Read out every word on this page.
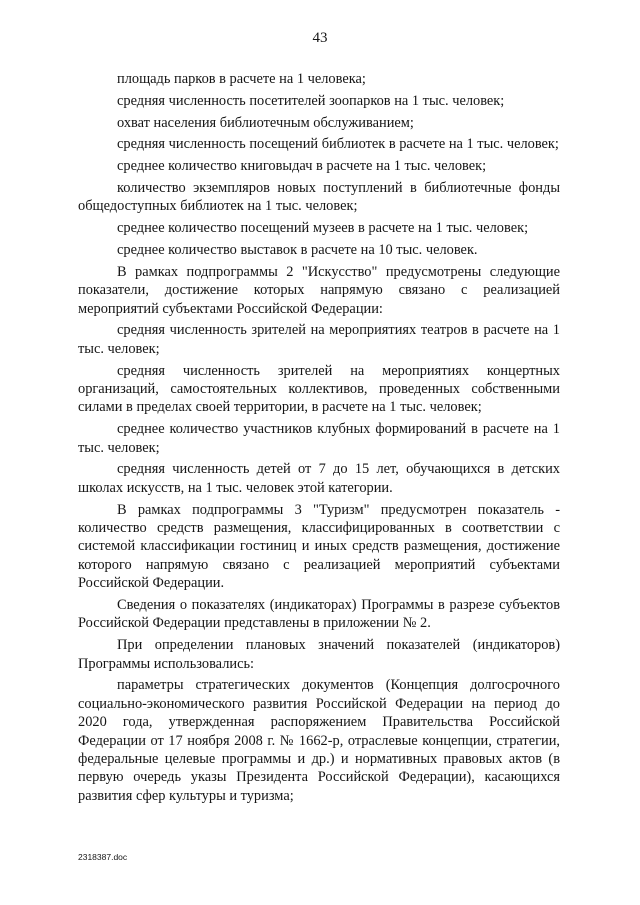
43

площадь парков в расчете на 1 человека;

средняя численность посетителей зоопарков на 1 тыс. человек;

охват населения библиотечным обслуживанием;

средняя численность посещений библиотек в расчете на 1 тыс. человек;

среднее количество книговыдач в расчете на 1 тыс. человек;

количество экземпляров новых поступлений в библиотечные фонды общедоступных библиотек на 1 тыс. человек;

среднее количество посещений музеев в расчете на 1 тыс. человек;

среднее количество выставок в расчете на 10 тыс. человек.

В рамках подпрограммы 2 "Искусство" предусмотрены следующие показатели, достижение которых напрямую связано с реализацией мероприятий субъектами Российской Федерации:

средняя численность зрителей на мероприятиях театров в расчете на 1 тыс. человек;

средняя численность зрителей на мероприятиях концертных организаций, самостоятельных коллективов, проведенных собственными силами в пределах своей территории, в расчете на 1 тыс. человек;

среднее количество участников клубных формирований в расчете на 1 тыс. человек;

средняя численность детей от 7 до 15 лет, обучающихся в детских школах искусств, на 1 тыс. человек этой категории.

В рамках подпрограммы 3 "Туризм" предусмотрен показатель - количество средств размещения, классифицированных в соответствии с системой классификации гостиниц и иных средств размещения, достижение которого напрямую связано с реализацией мероприятий субъектами Российской Федерации.

Сведения о показателях (индикаторах) Программы в разрезе субъектов Российской Федерации представлены в приложении № 2.

При определении плановых значений показателей (индикаторов) Программы использовались:

параметры стратегических документов (Концепция долгосрочного социально-экономического развития Российской Федерации на период до 2020 года, утвержденная распоряжением Правительства Российской Федерации от 17 ноября 2008 г. № 1662-р, отраслевые концепции, стратегии, федеральные целевые программы и др.) и нормативных правовых актов (в первую очередь указы Президента Российской Федерации), касающихся развития сфер культуры и туризма;

2318387.doc
